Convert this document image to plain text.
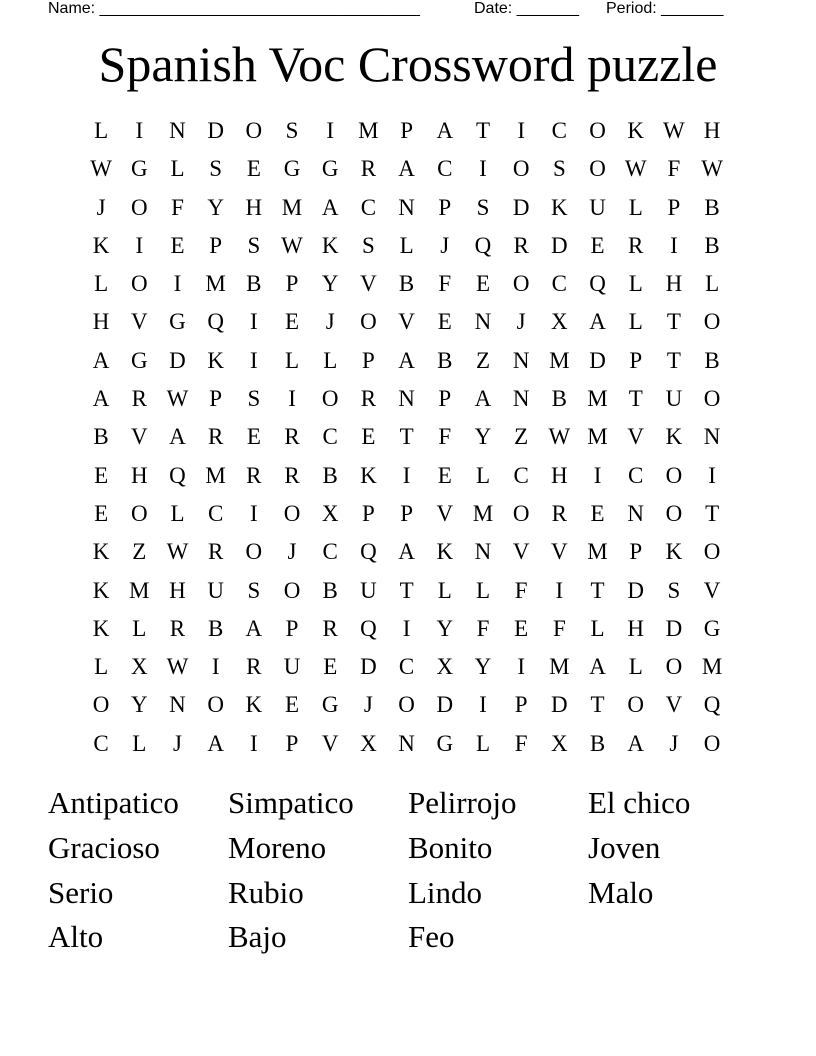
Name: ____________________________________	Date: _______ Period: _______
Spanish Voc Crossword puzzle
L	I	N D O	S	I	M P	A T	I	C O K W H
W G L	S	E G G R A C	I	O	S	O W F W
J	O	F	Y H M A C N	P	S	D K U L	P	B
K	I	E	P	S W K	S	L	J	Q R D E	R	I	B
L O	I	M B	P	Y V B	F	E O C Q L H L
H V G Q	I	E	J	O V E N	J	X A L	T O
A G D K	I	L	L	P	A B	Z N M D	P	T	B
A R W P	S	I	O R N	P	A N B M T U O
B V A R	E	R C	E	T	F	Y Z W M V K N
E H Q M R R B K	I	E	L	C H	I	C O	I
E O L	C	I	O X	P	P	V M O R	E N O T
K Z W R O	J	C Q A K N V V M P	K O
K M H U	S	O B U T	L	L	F	I	T D	S	V
K L	R B A	P	R Q	I	Y	F	E	F	L H D G
L X W	I	R U E D C X Y	I	M A L O M
O Y N O K E G	J	O D	I	P	D T O V Q
C	L	J	A	I	P	V X N G L	F	X B A	J	O
Antipatico	Simpatico	Pelirrojo	El chico
Gracioso	Moreno	Bonito	Joven
Serio	Rubio	Lindo	Malo
Alto	Bajo	Feo
